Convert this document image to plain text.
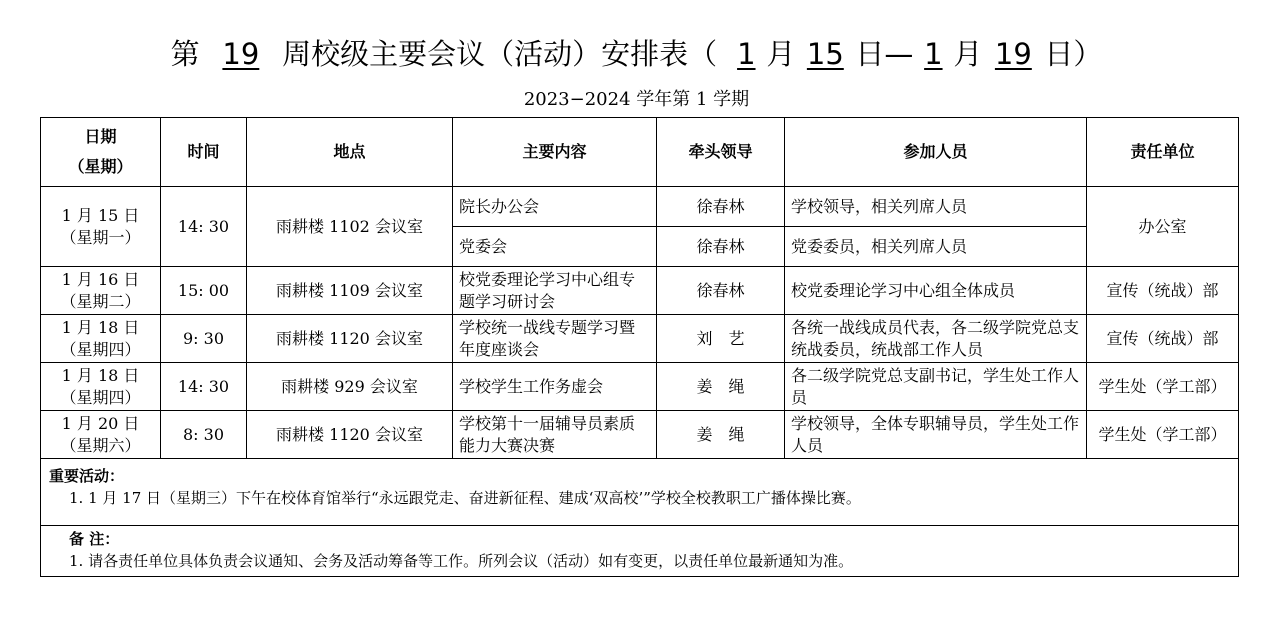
第 19 周校级主要会议（活动）安排表（ 1 月 15 日— 1 月 19 日）
2023−2024 学年第 1 学期
日期
（星期）	时间	地点	主要内容	牵头领导	参加人员	责任单位

1 月 15 日
（星期一）	14: 30	雨耕楼 1102 会议室	院长办公会	徐春林	学校领导，相关列席人员	办公室
			党委会	徐春林	党委委员，相关列席人员	

1 月 16 日
（星期二）	15: 00	雨耕楼 1109 会议室	校党委理论学习中心组专题学习研讨会	徐春林	校党委理论学习中心组全体成员	宣传（统战）部

1 月 18 日
（星期四）	9: 30	雨耕楼 1120 会议室	学校统一战线专题学习暨年度座谈会	刘　艺	各统一战线成员代表，各二级学院党总支统战委员，统战部工作人员	宣传（统战）部

1 月 18 日
（星期四）	14: 30	雨耕楼 929 会议室	学校学生工作务虚会	姜　绳	各二级学院党总支副书记，学生处工作人员	学生处（学工部）

1 月 20 日
（星期六）	8: 30	雨耕楼 1120 会议室	学校第十一届辅导员素质能力大赛决赛	姜　绳	学校领导，全体专职辅导员，学生处工作人员	学生处（学工部）

重要活动：
1. 1 月 17 日（星期三）下午在校体育馆举行“永远跟党走、奋进新征程、建成‘双高校’”学校全校教职工广播体操比赛。						

备 注：
1. 请各责任单位具体负责会议通知、会务及活动筹备等工作。所列会议（活动）如有变更，以责任单位最新通知为准。						
